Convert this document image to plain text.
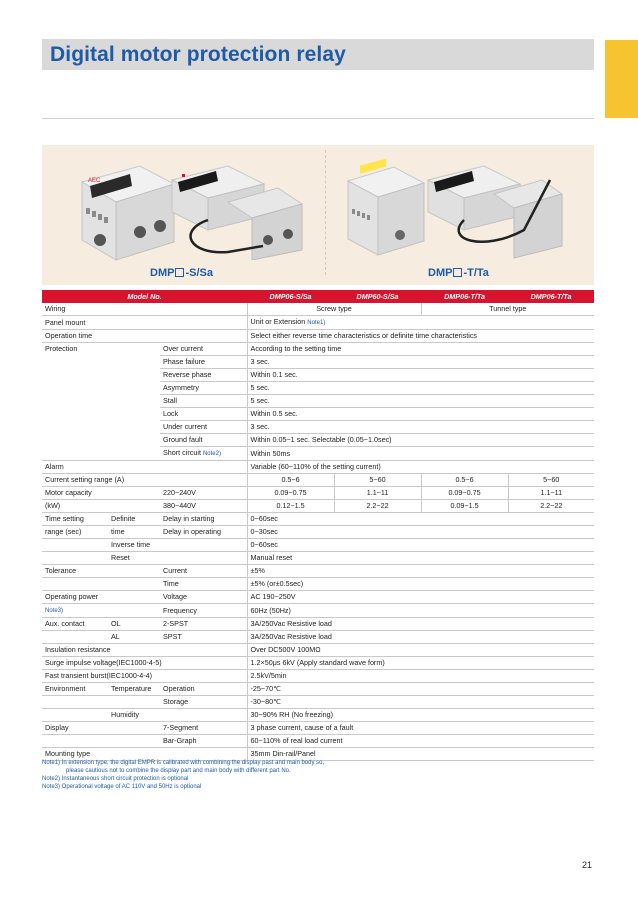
Digital motor protection relay
AEC
DMP -S/Sa	DMP -T/Ta
Model No.			DMP06-S/Sa	DMP60-S/Sa	DMP06-T/Ta	DMP06-T/Ta
Wiring			Screw type		Tunnel type	
Panel mount			Unit or Extension Note1)			
Operation time			Select either reverse time characteristics or definite time characteristics			
Protection		Over current	According to the setting time			
		Phase failure	3 sec.			
		Reverse phase	Within 0.1 sec.			
		Asymmetry	5 sec.			
		Stall	5 sec.			
		Lock	Within 0.5 sec.			
		Under current	3 sec.			
		Ground fault	Within 0.05~1 sec. Selectable (0.05~1.0sec)			
		Short circuit Note2)	Within 50ms			
Alarm			Variable (60~110% of the setting current)			
Current setting range (A)			0.5~6	5~60	0.5~6	5~60
Motor capacity		220~240V	0.09~0.75	1.1~11	0.09~0.75	1.1~11
(kW)		380~440V	0.12~1.5	2.2~22	0.09~1.5	2.2~22
Time setting	Definite	Delay in starting	0~60sec			
range (sec)	time	Delay in operating	0~30sec			
	Inverse time		0~60sec			
	Reset		Manual reset			
Tolerance		Current	±5%			
		Time	±5% (or±0.5sec)			
Operating power		Voltage	AC 190~250V			
Note3)		Frequency	60Hz (50Hz)			
Aux. contact	OL	2-SPST	3A/250Vac Resistive load			
	AL	SPST	3A/250Vac Resistive load			
Insulation resistance			Over DC500V 100MΩ			
Surge impulse voltage(IEC1000-4-5)			1.2×50μs 6kV (Apply standard wave form)			
Fast transient burst(IEC1000-4-4)			2.5kV/5min			
Environment	Temperature	Operation	-25~70℃			
		Storage	-30~80℃			
	Humidity		30~90% RH (No freezing)			
Display		7-Segment	3 phase current, cause of a fault			
		Bar-Graph	60~110% of real load current			
Mounting type			35mm Din-rail/Panel			
Note1) In extension type, the digital EMPR is calibrated with combining the display past and main body so,
please cautious not to combine the display part and main body with different part No.
Note2) Instantaneous short circuit protection is optional
Note3) Operational voltage of AC 110V and 50Hz is optional
21
